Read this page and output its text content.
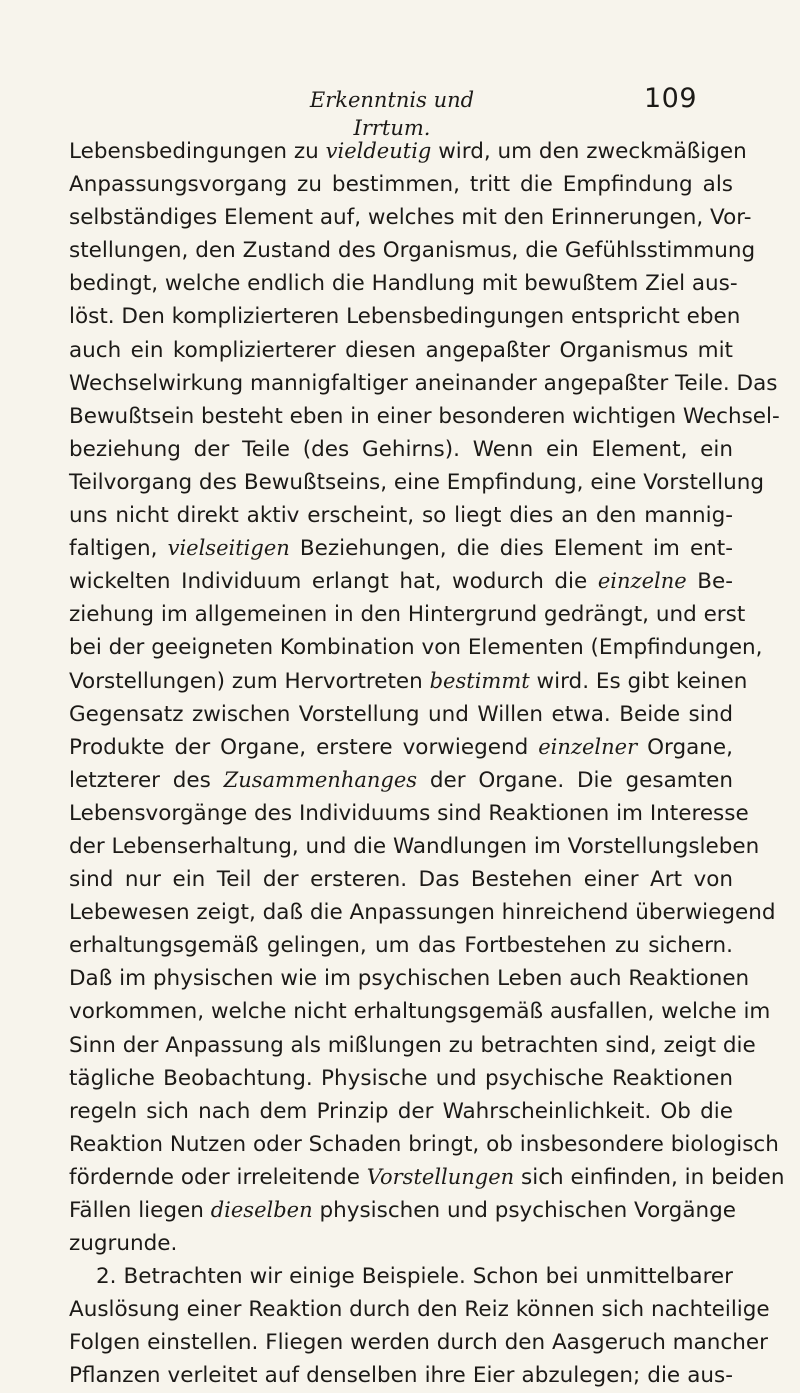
Erkenntnis und Irrtum.
109
Lebensbedingungen zu vieldeutig wird, um den zweckmäßigen
Anpassungsvorgang zu bestimmen, tritt die Empfindung als
selbständiges Element auf, welches mit den Erinnerungen, Vor-
stellungen, den Zustand des Organismus, die Gefühlsstimmung
bedingt, welche endlich die Handlung mit bewußtem Ziel aus-
löst. Den komplizierteren Lebensbedingungen entspricht eben
auch ein komplizierterer diesen angepaßter Organismus mit
Wechselwirkung mannigfaltiger aneinander angepaßter Teile. Das
Bewußtsein besteht eben in einer besonderen wichtigen Wechsel-
beziehung der Teile (des Gehirns). Wenn ein Element, ein
Teilvorgang des Bewußtseins, eine Empfindung, eine Vorstellung
uns nicht direkt aktiv erscheint, so liegt dies an den mannig-
faltigen, vielseitigen Beziehungen, die dies Element im ent-
wickelten Individuum erlangt hat, wodurch die einzelne Be-
ziehung im allgemeinen in den Hintergrund gedrängt, und erst
bei der geeigneten Kombination von Elementen (Empfindungen,
Vorstellungen) zum Hervortreten bestimmt wird. Es gibt keinen
Gegensatz zwischen Vorstellung und Willen etwa. Beide sind
Produkte der Organe, erstere vorwiegend einzelner Organe,
letzterer des Zusammenhanges der Organe. Die gesamten
Lebensvorgänge des Individuums sind Reaktionen im Interesse
der Lebenserhaltung, und die Wandlungen im Vorstellungsleben
sind nur ein Teil der ersteren. Das Bestehen einer Art von
Lebewesen zeigt, daß die Anpassungen hinreichend überwiegend
erhaltungsgemäß gelingen, um das Fortbestehen zu sichern.
Daß im physischen wie im psychischen Leben auch Reaktionen
vorkommen, welche nicht erhaltungsgemäß ausfallen, welche im
Sinn der Anpassung als mißlungen zu betrachten sind, zeigt die
tägliche Beobachtung. Physische und psychische Reaktionen
regeln sich nach dem Prinzip der Wahrscheinlichkeit. Ob die
Reaktion Nutzen oder Schaden bringt, ob insbesondere biologisch
fördernde oder irreleitende Vorstellungen sich einfinden, in beiden
Fällen liegen dieselben physischen und psychischen Vorgänge
zugrunde.
2. Betrachten wir einige Beispiele. Schon bei unmittelbarer
Auslösung einer Reaktion durch den Reiz können sich nachteilige
Folgen einstellen. Fliegen werden durch den Aasgeruch mancher
Pflanzen verleitet auf denselben ihre Eier abzulegen; die aus-
